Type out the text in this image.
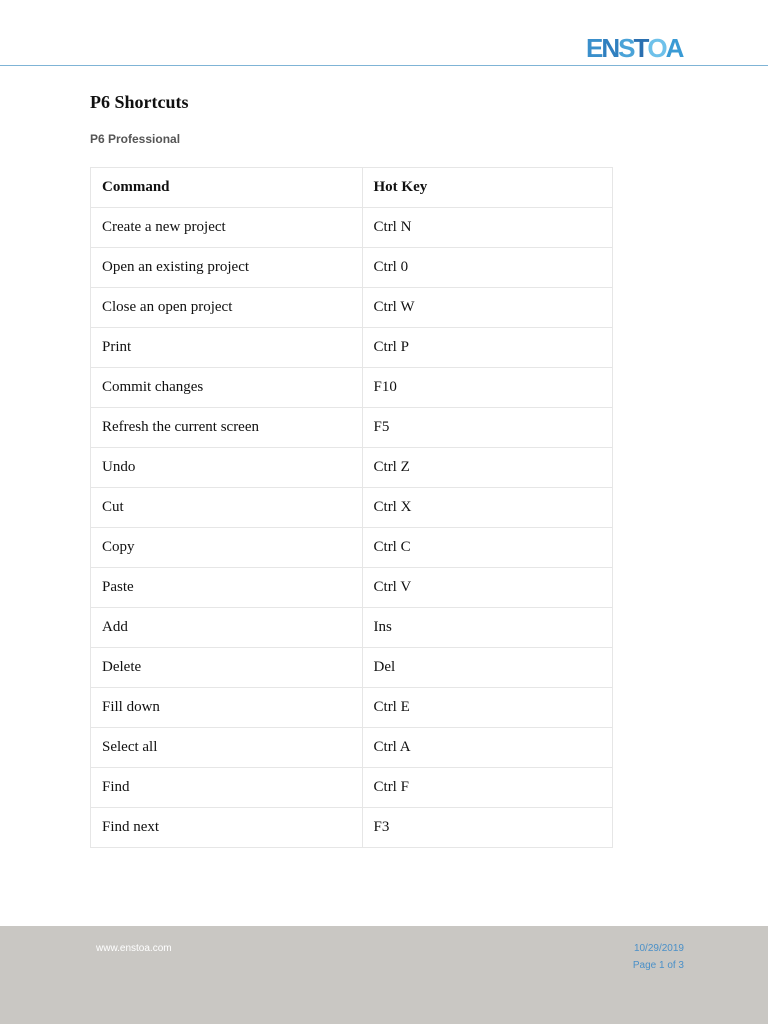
E N S T O A
P6 Shortcuts
P6 Professional
Command	Hot Key
Create a new project	Ctrl N
Open an existing project	Ctrl 0
Close an open project	Ctrl W
Print	Ctrl P
Commit changes	F10
Refresh the current screen	F5
Undo	Ctrl Z
Cut	Ctrl X
Copy	Ctrl C
Paste	Ctrl V
Add	Ins
Delete	Del
Fill down	Ctrl E
Select all	Ctrl A
Find	Ctrl F
Find next	F3
www.enstoa.com	10/29/2019
Page 1 of 3
